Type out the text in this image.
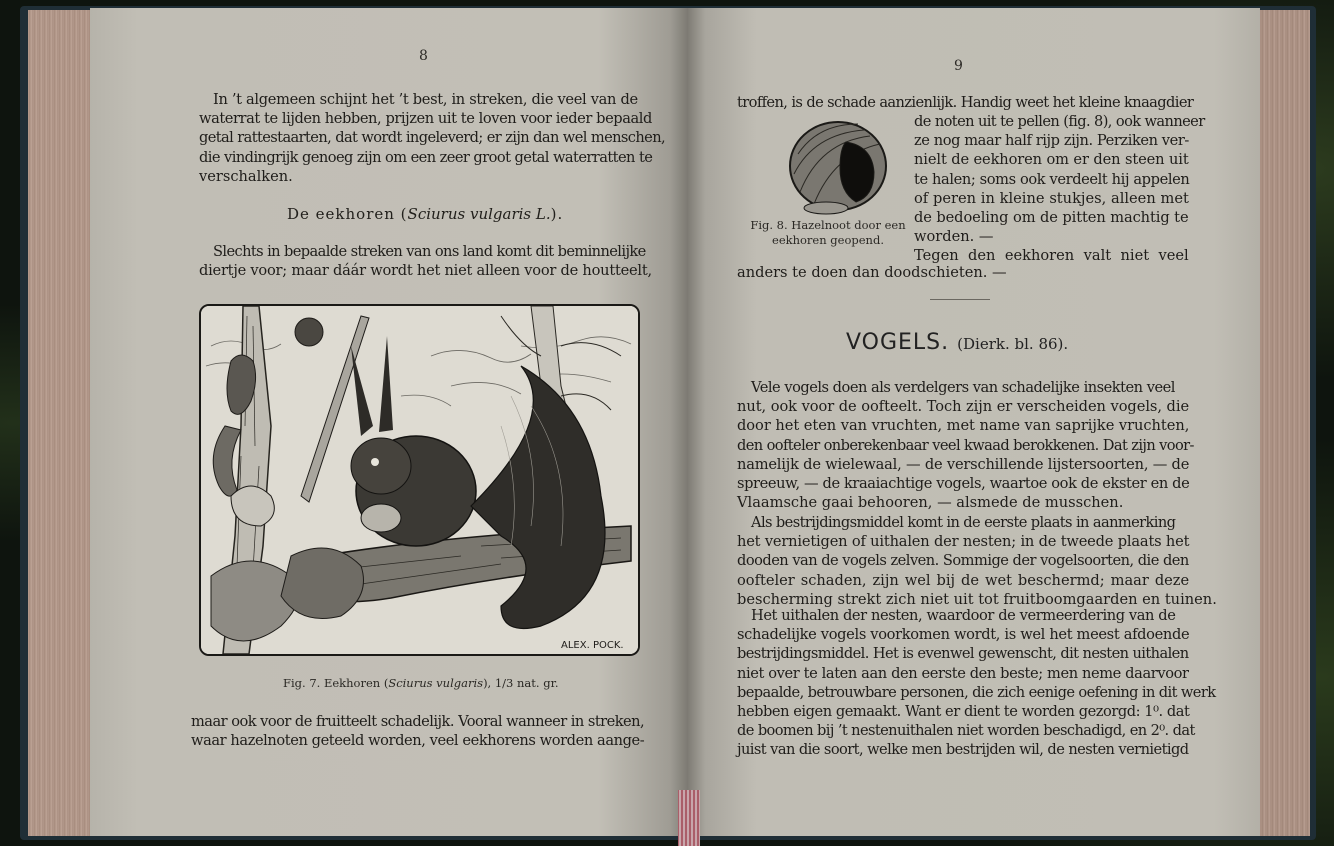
8
In ’t algemeen schijnt het ’t best, in streken, die veel van de
waterrat te lijden hebben, prijzen uit te loven voor ieder bepaald
getal rattestaarten, dat wordt ingeleverd; er zijn dan wel menschen,
die vindingrijk genoeg zijn om een zeer groot getal waterratten te
verschalken.
De eekhoren (Sciurus vulgaris L.).
Slechts in bepaalde streken van ons land komt dit beminnelijke
diertje voor; maar dáár wordt het niet alleen voor de houtteelt,
ALEX. POCK.
Fig. 7. Eekhoren (Sciurus vulgaris), 1/3 nat. gr.
maar ook voor de fruitteelt schadelijk. Vooral wanneer in streken,
waar hazelnoten geteeld worden, veel eekhorens worden aange-
9
troffen, is de schade aanzienlijk. Handig weet het kleine knaagdier
de noten uit te pellen (fig. 8), ook wanneer
ze nog maar half rijp zijn. Perziken ver-
nielt de eekhoren om er den steen uit
te halen; soms ook verdeelt hij appelen
of peren in kleine stukjes, alleen met
de bedoeling om de pitten machtig te
worden. —
Tegen den eekhoren valt niet veel
Fig. 8. Hazelnoot door een
eekhoren geopend.
anders te doen dan doodschieten. —
VOGELS. (Dierk. bl. 86).
Vele vogels doen als verdelgers van schadelijke insekten veel
nut, ook voor de oofteelt. Toch zijn er verscheiden vogels, die
door het eten van vruchten, met name van saprijke vruchten,
den oofteler onberekenbaar veel kwaad berokkenen. Dat zijn voor-
namelijk de wielewaal, — de verschillende lijstersoorten, — de
spreeuw, — de kraaiachtige vogels, waartoe ook de ekster en de
Vlaamsche gaai behooren, — alsmede de musschen.
Als bestrijdingsmiddel komt in de eerste plaats in aanmerking
het vernietigen of uithalen der nesten; in de tweede plaats het
dooden van de vogels zelven. Sommige der vogelsoorten, die den
oofteler schaden, zijn wel bij de wet beschermd; maar deze
bescherming strekt zich niet uit tot fruitboomgaarden en tuinen.
Het uithalen der nesten, waardoor de vermeerdering van de
schadelijke vogels voorkomen wordt, is wel het meest afdoende
bestrijdingsmiddel. Het is evenwel gewenscht, dit nesten uithalen
niet over te laten aan den eerste den beste; men neme daarvoor
bepaalde, betrouwbare personen, die zich eenige oefening in dit werk
hebben eigen gemaakt. Want er dient te worden gezorgd: 1⁰. dat
de boomen bij ’t nestenuithalen niet worden beschadigd, en 2⁰. dat
juist van die soort, welke men bestrijden wil, de nesten vernietigd
